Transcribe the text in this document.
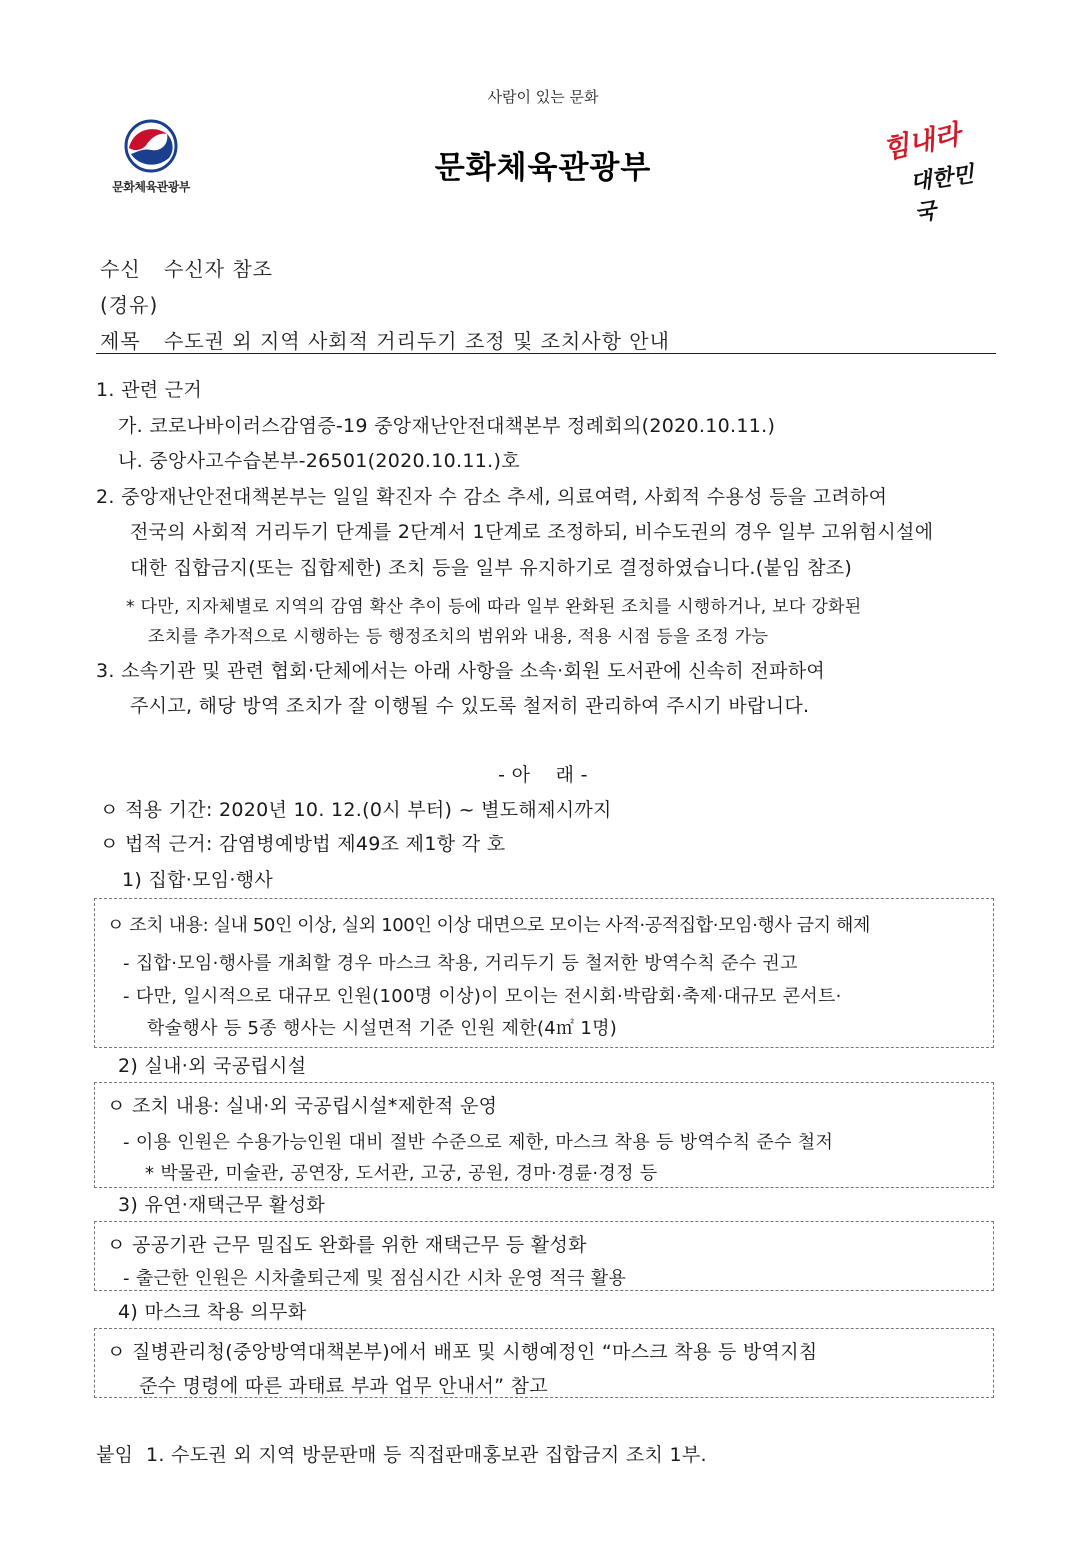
사람이 있는 문화
문화체육관광부
문화체육관광부
힘내라
대한민국
수신 수신자 참조
(경유)
제목 수도권 외 지역 사회적 거리두기 조정 및 조치사항 안내
1. 관련 근거
가. 코로나바이러스감염증-19 중앙재난안전대책본부 정례회의(2020.10.11.)
나. 중앙사고수습본부-26501(2020.10.11.)호
2. 중앙재난안전대책본부는 일일 확진자 수 감소 추세, 의료여력, 사회적 수용성 등을 고려하여
전국의 사회적 거리두기 단계를 2단계서 1단계로 조정하되, 비수도권의 경우 일부 고위험시설에
대한 집합금지(또는 집합제한) 조치 등을 일부 유지하기로 결정하였습니다.(붙임 참조)
* 다만, 지자체별로 지역의 감염 확산 추이 등에 따라 일부 완화된 조치를 시행하거나, 보다 강화된
조치를 추가적으로 시행하는 등 행정조치의 범위와 내용, 적용 시점 등을 조정 가능
3. 소속기관 및 관련 협회·단체에서는 아래 사항을 소속·회원 도서관에 신속히 전파하여
주시고, 해당 방역 조치가 잘 이행될 수 있도록 철저히 관리하여 주시기 바랍니다.
- 아    래 -
ㅇ 적용 기간: 2020년 10. 12.(0시 부터) ~ 별도해제시까지
ㅇ 법적 근거: 감염병예방법 제49조 제1항 각 호
1) 집합·모임·행사
ㅇ 조치 내용: 실내 50인 이상, 실외 100인 이상 대면으로 모이는 사적·공적집합·모임·행사 금지 해제
- 집합·모임·행사를 개최할 경우 마스크 착용, 거리두기 등 철저한 방역수칙 준수 권고
- 다만, 일시적으로 대규모 인원(100명 이상)이 모이는 전시회·박람회·축제·대규모 콘서트·
학술행사 등 5종 행사는 시설면적 기준 인원 제한(4㎡ 1명)
2) 실내·외 국공립시설
ㅇ 조치 내용: 실내·외 국공립시설*제한적 운영
- 이용 인원은 수용가능인원 대비 절반 수준으로 제한, 마스크 착용 등 방역수칙 준수 철저
* 박물관, 미술관, 공연장, 도서관, 고궁, 공원, 경마·경륜·경정 등
3) 유연·재택근무 활성화
ㅇ 공공기관 근무 밀집도 완화를 위한 재택근무 등 활성화
- 출근한 인원은 시차출퇴근제 및 점심시간 시차 운영 적극 활용
4) 마스크 착용 의무화
ㅇ 질병관리청(중앙방역대책본부)에서 배포 및 시행예정인 “마스크 착용 등 방역지침
준수 명령에 따른 과태료 부과 업무 안내서” 참고
붙임  1. 수도권 외 지역 방문판매 등 직접판매홍보관 집합금지 조치 1부.
